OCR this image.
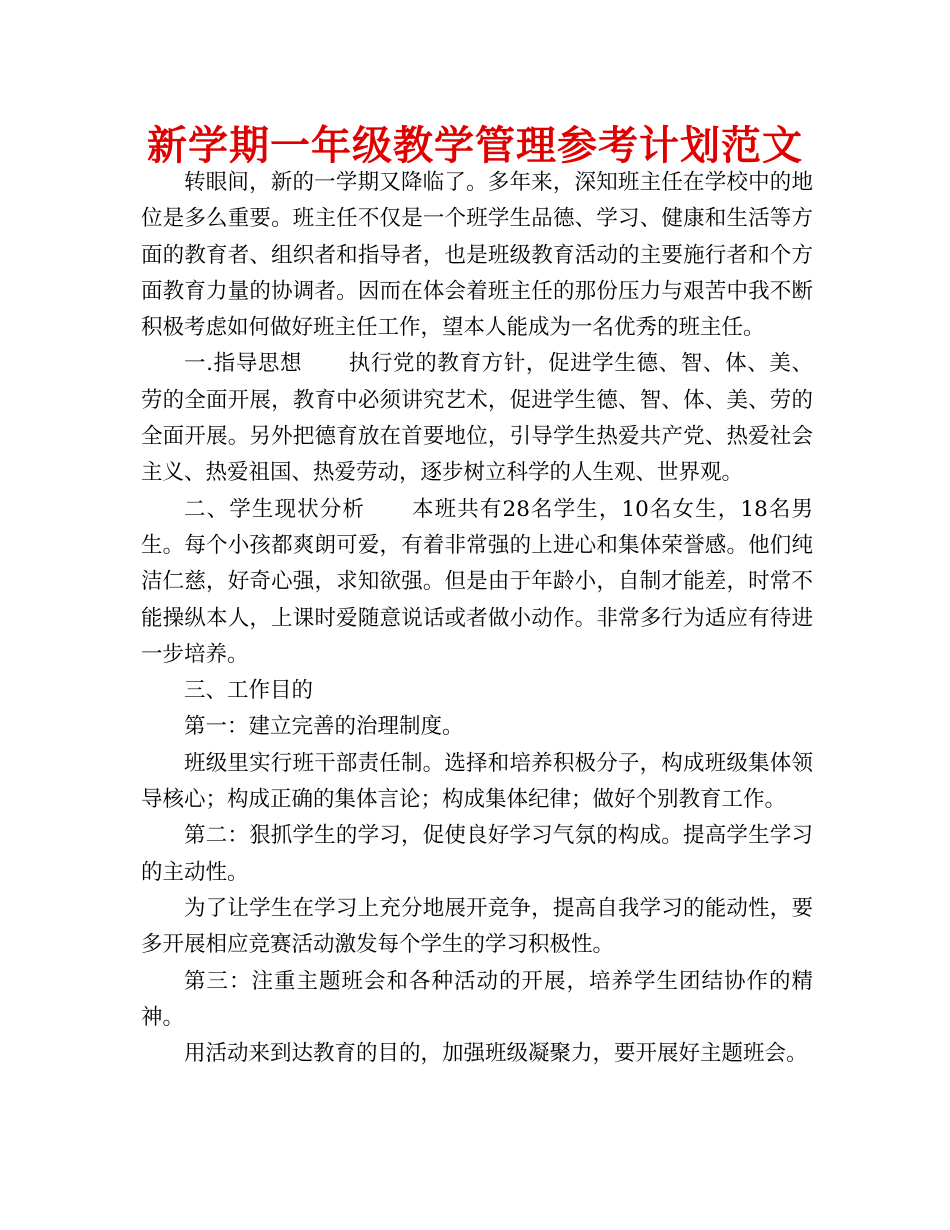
新学期一年级教学管理参考计划范文

转眼间，新的一学期又降临了。多年来，深知班主任在学校中的地位是多么重要。班主任不仅是一个班学生品德、学习、健康和生活等方面的教育者、组织者和指导者，也是班级教育活动的主要施行者和个方面教育力量的协调者。因而在体会着班主任的那份压力与艰苦中我不断积极考虑如何做好班主任工作，望本人能成为一名优秀的班主任。

一.指导思想 执行党的教育方针，促进学生德、智、体、美、劳的全面开展，教育中必须讲究艺术，促进学生德、智、体、美、劳的全面开展。另外把德育放在首要地位，引导学生热爱共产党、热爱社会主义、热爱祖国、热爱劳动，逐步树立科学的人生观、世界观。

二、学生现状分析 本班共有28名学生，10名女生，18名男生。每个小孩都爽朗可爱，有着非常强的上进心和集体荣誉感。他们纯洁仁慈，好奇心强，求知欲强。但是由于年龄小，自制才能差，时常不能操纵本人，上课时爱随意说话或者做小动作。非常多行为适应有待进一步培养。

三、工作目的

第一：建立完善的治理制度。

班级里实行班干部责任制。选择和培养积极分子，构成班级集体领导核心；构成正确的集体言论；构成集体纪律；做好个别教育工作。

第二：狠抓学生的学习，促使良好学习气氛的构成。提高学生学习的主动性。

为了让学生在学习上充分地展开竞争，提高自我学习的能动性，要多开展相应竞赛活动激发每个学生的学习积极性。

第三：注重主题班会和各种活动的开展，培养学生团结协作的精神。

用活动来到达教育的目的，加强班级凝聚力，要开展好主题班会。
